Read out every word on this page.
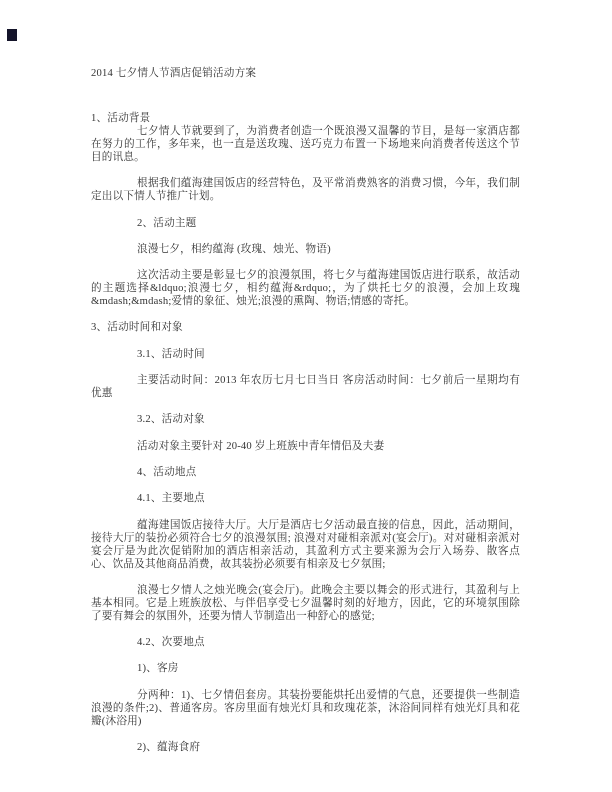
2014 七夕情人节酒店促销活动方案

1、活动背景

七夕情人节就要到了，为消费者创造一个既浪漫又温馨的节目，是每一家酒店都在努力的工作，多年来，也一直是送玫瑰、送巧克力布置一下场地来向消费者传送这个节目的讯息。

根据我们蕴海建国饭店的经营特色，及平常消费熟客的消费习惯，今年，我们制定出以下情人节推广计划。

2、活动主题

浪漫七夕，相约蕴海 (玫瑰、烛光、物语)

这次活动主要是彰显七夕的浪漫氛围，将七夕与蕴海建国饭店进行联系，故活动的主题选择&ldquo;浪漫七夕，相约蕴海&rdquo;，为了烘托七夕的浪漫，会加上玫瑰&mdash;&mdash;爱情的象征、烛光;浪漫的熏陶、物语;情感的寄托。

3、活动时间和对象

3.1、活动时间

主要活动时间：2013 年农历七月七日当日 客房活动时间：七夕前后一星期均有优惠

3.2、活动对象

活动对象主要针对 20-40 岁上班族中青年情侣及夫妻

4、活动地点

4.1、主要地点

蕴海建国饭店接待大厅。大厅是酒店七夕活动最直接的信息，因此，活动期间，接待大厅的装扮必须符合七夕的浪漫氛围; 浪漫对对碰相亲派对(宴会厅)。对对碰相亲派对宴会厅是为此次促销附加的酒店相亲活动，其盈利方式主要来源为会厅入场券、散客点心、饮品及其他商品消费，故其装扮必须要有相亲及七夕氛围;

浪漫七夕情人之烛光晚会(宴会厅)。此晚会主要以舞会的形式进行，其盈利与上基本相同。它是上班族放松、与伴侣享受七夕温馨时刻的好地方，因此，它的环境氛围除了要有舞会的氛围外，还要为情人节制造出一种舒心的感觉;

4.2、次要地点

1)、客房

分两种：1)、七夕情侣套房。其装扮要能烘托出爱情的气息，还要提供一些制造浪漫的条件;2)、普通客房。客房里面有烛光灯具和玫瑰花茶，沐浴间同样有烛光灯具和花瓣(沐浴用)

2)、蕴海食府
